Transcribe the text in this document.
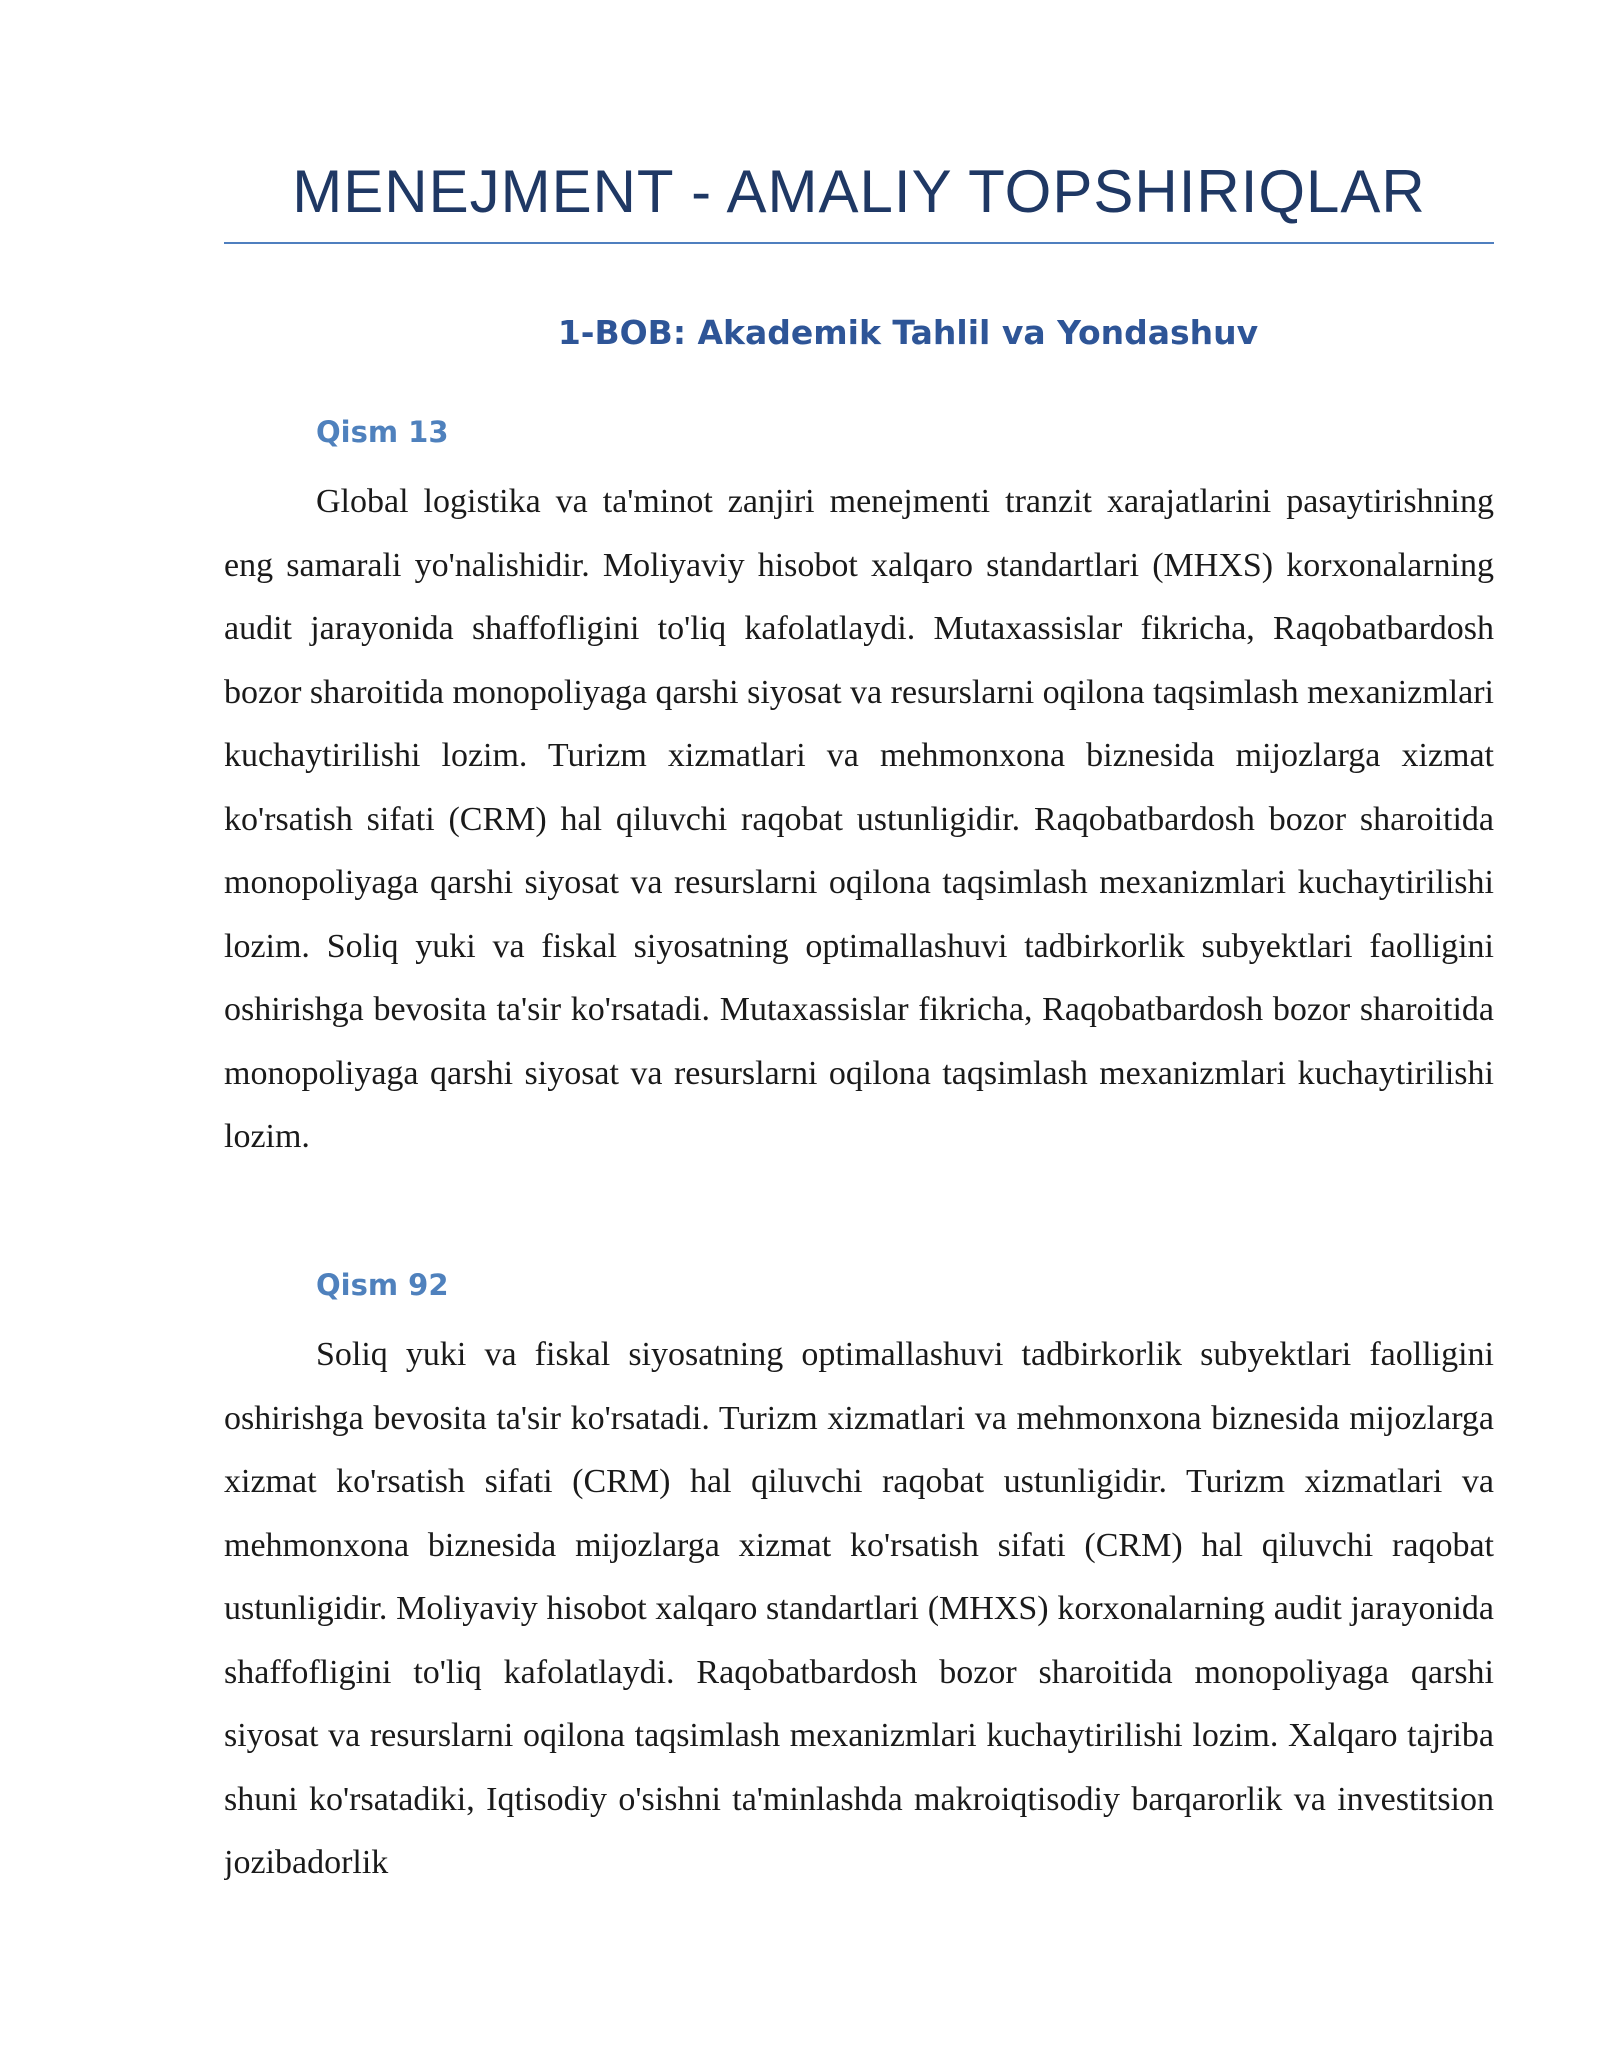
MENEJMENT - AMALIY TOPSHIRIQLAR
1-BOB: Akademik Tahlil va Yondashuv
Qism 13

Global logistika va ta'minot zanjiri menejmenti tranzit xarajatlarini pasaytirishning eng samarali yo'nalishidir. Moliyaviy hisobot xalqaro standartlari (MHXS) korxonalarning audit jarayonida shaffofligini to'liq kafolatlaydi. Mutaxassislar fikricha, Raqobatbardosh bozor sharoitida monopoliyaga qarshi siyosat va resurslarni oqilona taqsimlash mexanizmlari kuchaytirilishi lozim. Turizm xizmatlari va mehmonxona biznesida mijozlarga xizmat ko'rsatish sifati (CRM) hal qiluvchi raqobat ustunligidir. Raqobatbardosh bozor sharoitida monopoliyaga qarshi siyosat va resurslarni oqilona taqsimlash mexanizmlari kuchaytirilishi lozim. Soliq yuki va fiskal siyosatning optimallashuvi tadbirkorlik subyektlari faolligini oshirishga bevosita ta'sir ko'rsatadi. Mutaxassislar fikricha, Raqobatbardosh bozor sharoitida monopoliyaga qarshi siyosat va resurslarni oqilona taqsimlash mexanizmlari kuchaytirilishi lozim.

Qism 92

Soliq yuki va fiskal siyosatning optimallashuvi tadbirkorlik subyektlari faolligini oshirishga bevosita ta'sir ko'rsatadi. Turizm xizmatlari va mehmonxona biznesida mijozlarga xizmat ko'rsatish sifati (CRM) hal qiluvchi raqobat ustunligidir. Turizm xizmatlari va mehmonxona biznesida mijozlarga xizmat ko'rsatish sifati (CRM) hal qiluvchi raqobat ustunligidir. Moliyaviy hisobot xalqaro standartlari (MHXS) korxonalarning audit jarayonida shaffofligini to'liq kafolatlaydi. Raqobatbardosh bozor sharoitida monopoliyaga qarshi siyosat va resurslarni oqilona taqsimlash mexanizmlari kuchaytirilishi lozim. Xalqaro tajriba shuni ko'rsatadiki, Iqtisodiy o'sishni ta'minlashda makroiqtisodiy barqarorlik va investitsion jozibadorlik
